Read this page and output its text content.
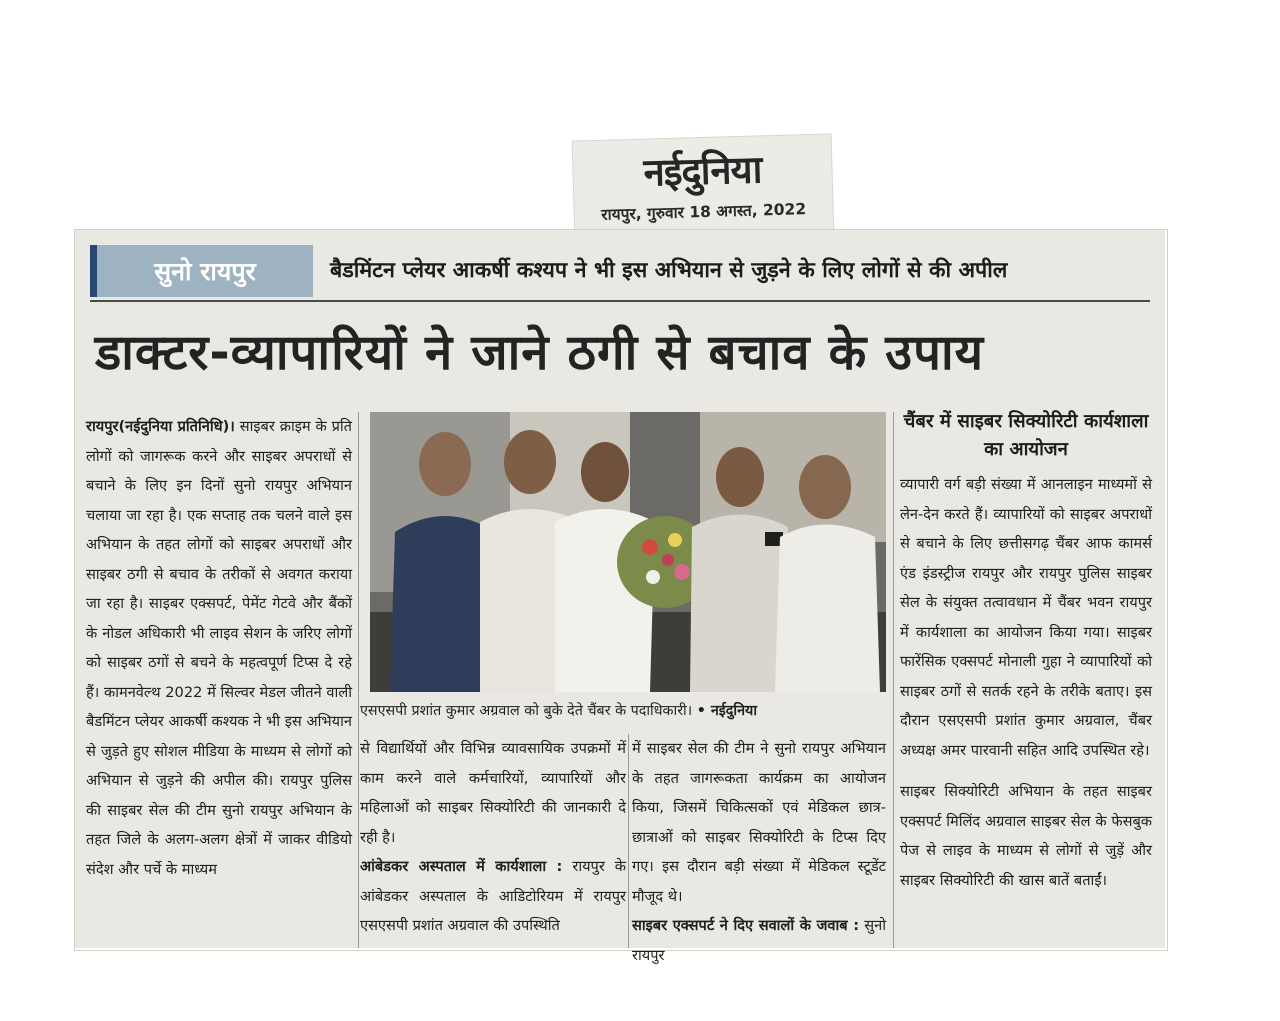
नईदुनिया
रायपुर, गुरुवार 18 अगस्त, 2022
सुनो रायपुर	बैडमिंटन प्लेयर आकर्षी कश्यप ने भी इस अभियान से जुड़ने के लिए लोगों से की अपील
डाक्टर-व्यापारियों ने जाने ठगी से बचाव के उपाय

रायपुर(नईदुनिया प्रतिनिधि)। साइबर क्राइम के प्रति लोगों को जागरूक करने और साइबर अपराधों से बचाने के लिए इन दिनों सुनो रायपुर अभियान चलाया जा रहा है। एक सप्ताह तक चलने वाले इस अभियान के तहत लोगों को साइबर अपराधों और साइबर ठगी से बचाव के तरीकों से अवगत कराया जा रहा है। साइबर एक्सपर्ट, पेमेंट गेटवे और बैंकों के नोडल अधिकारी भी लाइव सेशन के जरिए लोगों को साइबर ठगों से बचने के महत्वपूर्ण टिप्स दे रहे हैं। कामनवेल्थ 2022 में सिल्वर मेडल जीतने वाली बैडमिंटन प्लेयर आकर्षी कश्यक ने भी इस अभियान से जुड़ते हुए सोशल मीडिया के माध्यम से लोगों को अभियान से जुड़ने की अपील की। रायपुर पुलिस की साइबर सेल की टीम सुनो रायपुर अभियान के तहत जिले के अलग-अलग क्षेत्रों में जाकर वीडियो संदेश और पर्चे के माध्यम

एसएसपी प्रशांत कुमार अग्रवाल को बुके देते चैंबर के पदाधिकारी। • नईदुनिया

से विद्यार्थियों और विभिन्न व्यावसायिक उपक्रमों में काम करने वाले कर्मचारियों, व्यापारियों और महिलाओं को साइबर सिक्योरिटी की जानकारी दे रही है।

आंबेडकर अस्पताल में कार्यशाला : रायपुर के आंबेडकर अस्पताल के आडिटोरियम में रायपुर एसएसपी प्रशांत अग्रवाल की उपस्थिति

में साइबर सेल की टीम ने सुनो रायपुर अभियान के तहत जागरूकता कार्यक्रम का आयोजन किया, जिसमें चिकित्सकों एवं मेडिकल छात्र-छात्राओं को साइबर सिक्योरिटी के टिप्स दिए गए। इस दौरान बड़ी संख्या में मेडिकल स्टूडेंट मौजूद थे।

साइबर एक्सपर्ट ने दिए सवालों के जवाब : सुनो रायपुर

चैंबर में साइबर सिक्योरिटी कार्यशाला का आयोजन

व्यापारी वर्ग बड़ी संख्या में आनलाइन माध्यमों से लेन-देन करते हैं। व्यापारियों को साइबर अपराधों से बचाने के लिए छत्तीसगढ़ चैंबर आफ कामर्स एंड इंडस्ट्रीज रायपुर और रायपुर पुलिस साइबर सेल के संयुक्त तत्वावधान में चैंबर भवन रायपुर में कार्यशाला का आयोजन किया गया। साइबर फारेंसिक एक्सपर्ट मोनाली गुहा ने व्यापारियों को साइबर ठगों से सतर्क रहने के तरीके बताए। इस दौरान एसएसपी प्रशांत कुमार अग्रवाल, चैंबर अध्यक्ष अमर पारवानी सहित आदि उपस्थित रहे।

साइबर सिक्योरिटी अभियान के तहत साइबर एक्सपर्ट मिलिंद अग्रवाल साइबर सेल के फेसबुक पेज से लाइव के माध्यम से लोगों से जुड़ें और साइबर सिक्योरिटी की खास बातें बताईं।
